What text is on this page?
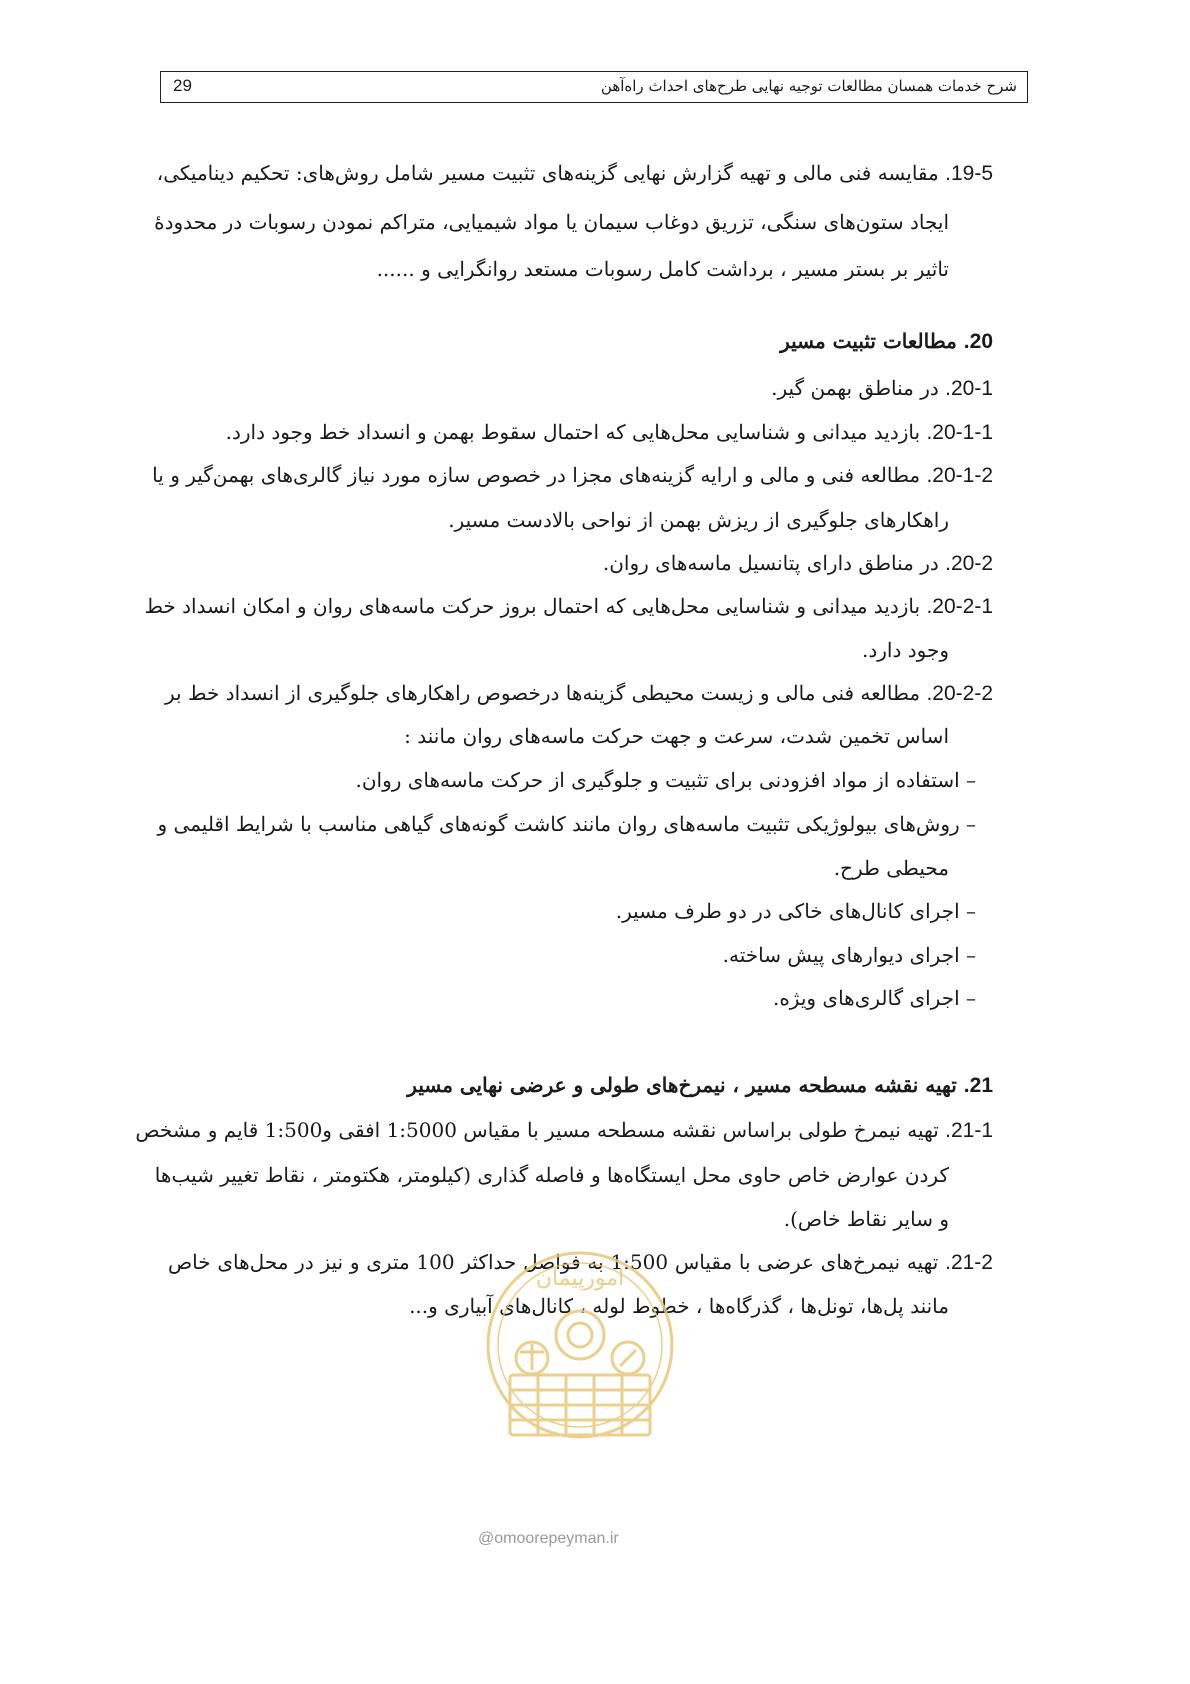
شرح خدمات همسان مطالعات توجیه نهایی طرح‌های احداث راه‌آهن
29
19-5. مقایسه فنی مالی و تهیه گزارش نهایی گزینه‌های تثبیت مسیر شامل روش‌های: تحکیم دینامیکی،
ایجاد ستون‌های سنگی، تزریق دوغاب سیمان یا مواد شیمیایی، متراکم نمودن رسوبات در محدودهٔ
تاثیر بر بستر مسیر ، برداشت کامل رسوبات مستعد روانگرایی و ......
20. مطالعات تثبیت مسیر
20-1. در مناطق بهمن گیر.
20-1-1. بازدید میدانی و شناسایی محل‌هایی که احتمال سقوط بهمن و انسداد خط وجود دارد.
20-1-2. مطالعه فنی و مالی و ارایه گزینه‌های مجزا در خصوص سازه مورد نیاز گالری‌های بهمن‌گیر و یا
راهکارهای جلوگیری از ریزش بهمن از نواحی بالادست مسیر.
20-2. در مناطق دارای پتانسیل ماسه‌های روان.
20-2-1. بازدید میدانی و شناسایی محل‌هایی که احتمال بروز حرکت ماسه‌های روان و امکان انسداد خط
وجود دارد.
20-2-2. مطالعه فنی مالی و زیست محیطی گزینه‌ها درخصوص راهکارهای جلوگیری از انسداد خط بر
اساس تخمین شدت، سرعت و جهت حرکت ماسه‌های روان مانند :
– استفاده از مواد افزودنی برای تثبیت و جلوگیری از حرکت ماسه‌های روان.
– روش‌های بیولوژیکی تثبیت ماسه‌های روان مانند کاشت گونه‌های گیاهی مناسب با شرایط اقلیمی و
محیطی طرح.
– اجرای کانال‌های خاکی در دو طرف مسیر.
– اجرای دیوارهای پیش ساخته.
– اجرای گالری‌های ویژه.
21. تهیه نقشه مسطحه مسیر ، نیمرخ‌های طولی و عرضی نهایی مسیر
21-1. تهیه نیمرخ طولی براساس نقشه مسطحه مسیر با مقیاس 1:5000 افقی و1:500 قایم و مشخص
کردن عوارض خاص حاوی محل ایستگاه‌ها و فاصله گذاری (کیلومتر، هکتومتر ، نقاط تغییر شیب‌ها
و سایر نقاط خاص).
21-2. تهیه نیمرخ‌های عرضی با مقیاس 1:500 به فواصل حداکثر 100 متری و نیز در محل‌های خاص
مانند پل‌ها، تونل‌ها ، گذرگاه‌ها ، خطوط لوله ، کانال‌های آبیاری و...
امورپیمان
@omoorepeyman.ir
